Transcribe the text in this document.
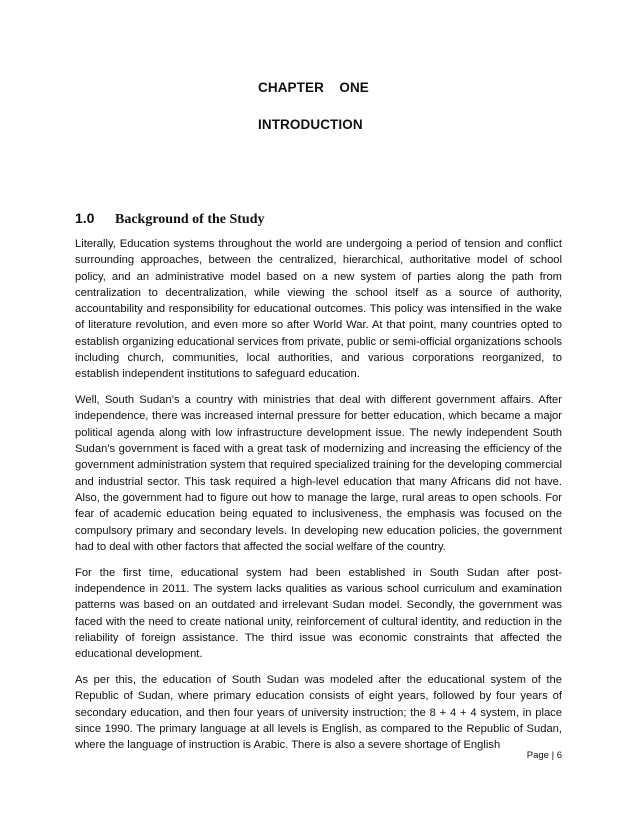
CHAPTER    ONE
INTRODUCTION
1.0	Background of the Study

Literally, Education systems throughout the world are undergoing a period of tension and conflict surrounding approaches, between the centralized, hierarchical, authoritative model of school policy, and an administrative model based on a new system of parties along the path from centralization to decentralization, while viewing the school itself as a source of authority, accountability and responsibility for educational outcomes. This policy was intensified in the wake of literature revolution, and even more so after World War. At that point, many countries opted to establish organizing educational services from private, public or semi-official organizations schools including church, communities, local authorities, and various corporations reorganized, to establish independent institutions to safeguard education.

Well, South Sudan’s a country with ministries that deal with different government affairs. After independence, there was increased internal pressure for better education, which became a major political agenda along with low infrastructure development issue. The newly independent South Sudan's government is faced with a great task of modernizing and increasing the efficiency of the government administration system that required specialized training for the developing commercial and industrial sector. This task required a high-level education that many Africans did not have. Also, the government had to figure out how to manage the large, rural areas to open schools. For fear of academic education being equated to inclusiveness, the emphasis was focused on the compulsory primary and secondary levels. In developing new education policies, the government had to deal with other factors that affected the social welfare of the country.

For the first time, educational system had been established in South Sudan after post-independence in 2011. The system lacks qualities as various school curriculum and examination patterns was based on an outdated and irrelevant Sudan model. Secondly, the government was faced with the need to create national unity, reinforcement of cultural identity, and reduction in the reliability of foreign assistance. The third issue was economic constraints that affected the educational development.

As per this, the education of South Sudan was modeled after the educational system of the Republic of Sudan, where primary education consists of eight years, followed by four years of secondary education, and then four years of university instruction; the 8 + 4 + 4 system, in place since 1990. The primary language at all levels is English, as compared to the Republic of Sudan, where the language of instruction is Arabic. There is also a severe shortage of English

Page | 6
